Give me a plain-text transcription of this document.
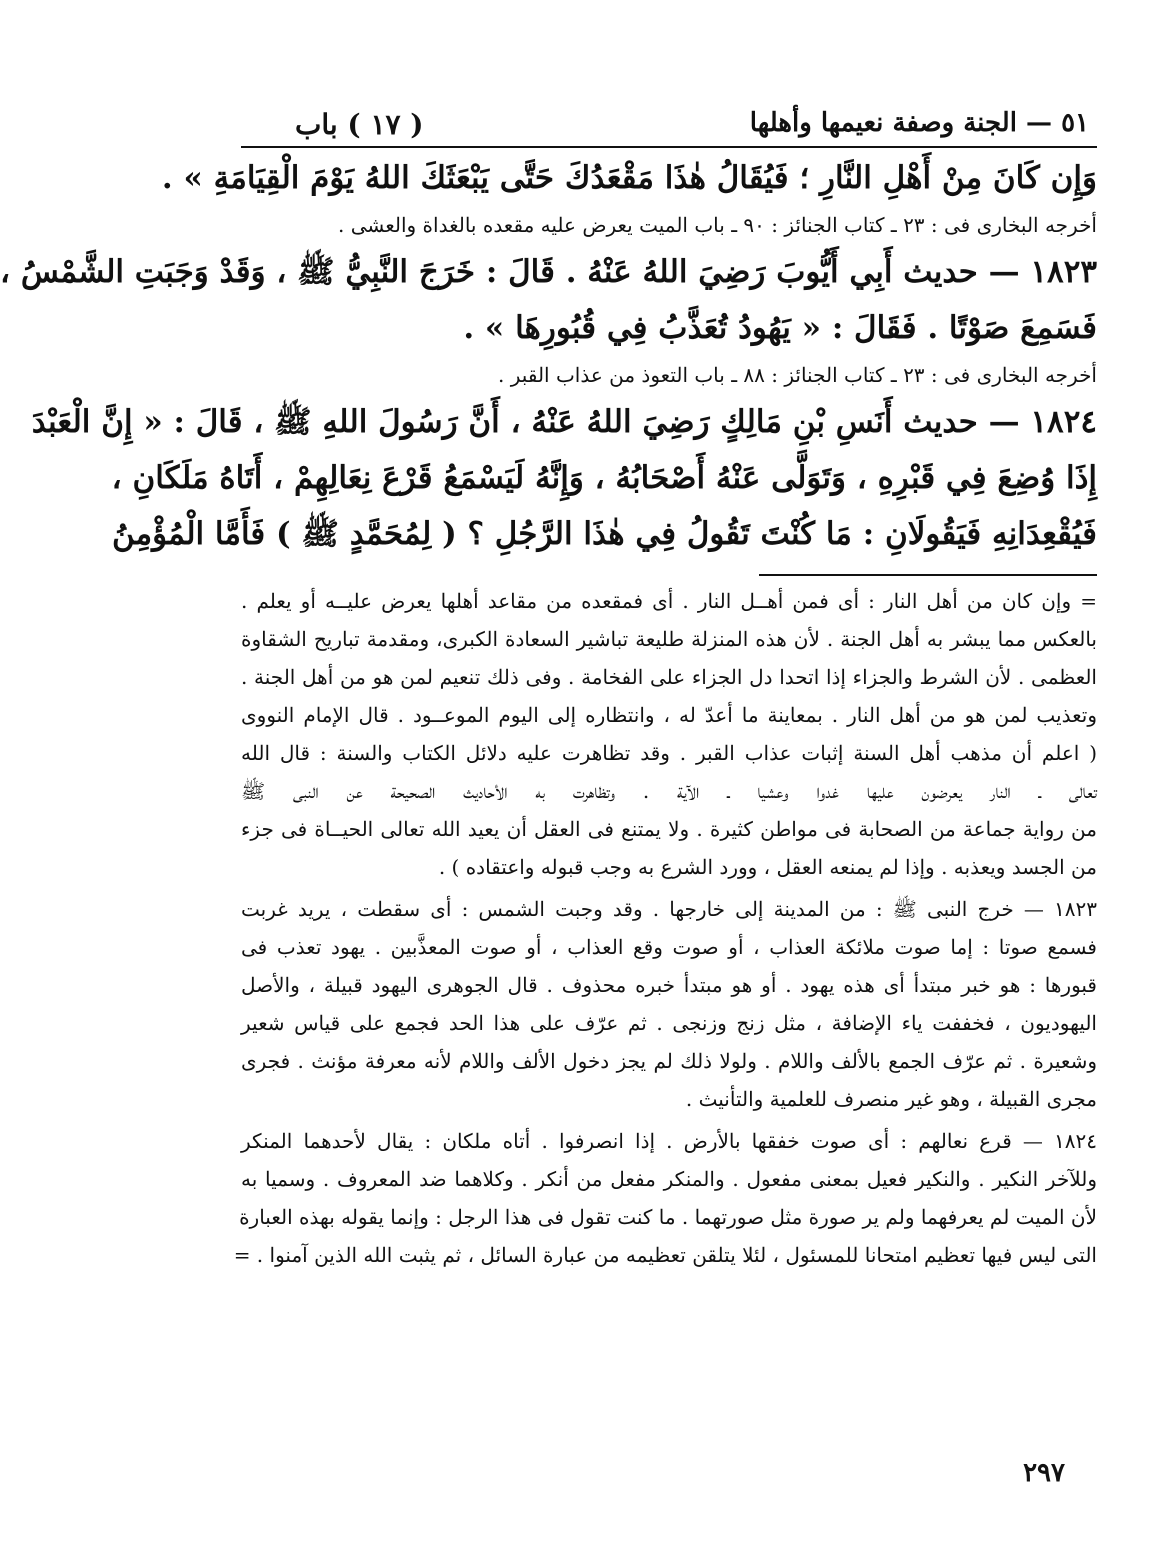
٥١ — الجنة وصفة نعيمها وأهلها
( ١٧ ) باب
وَإِن كَانَ مِنْ أَهْلِ النَّارِ ؛ فَيُقَالُ هٰذَا مَقْعَدُكَ حَتَّى يَبْعَثَكَ اللهُ يَوْمَ الْقِيَامَةِ » .
أخرجه البخارى فى : ٢٣ ـ كتاب الجنائز : ٩٠ ـ باب الميت يعرض عليه مقعده بالغداة والعشى .
١٨٢٣ — حديث أَبِي أَيُّوبَ رَضِيَ اللهُ عَنْهُ . قَالَ : خَرَجَ النَّبِيُّ ﷺ ، وَقَدْ وَجَبَتِ الشَّمْسُ ،
فَسَمِعَ صَوْتًا . فَقَالَ : « يَهُودُ تُعَذَّبُ فِي قُبُورِهَا » .
أخرجه البخارى فى : ٢٣ ـ كتاب الجنائز : ٨٨ ـ باب التعوذ من عذاب القبر .
١٨٢٤ — حديث أَنَسِ بْنِ مَالِكٍ رَضِيَ اللهُ عَنْهُ ، أَنَّ رَسُولَ اللهِ ﷺ ، قَالَ : « إِنَّ الْعَبْدَ
إِذَا وُضِعَ فِي قَبْرِهِ ، وَتَوَلَّى عَنْهُ أَصْحَابُهُ ، وَإِنَّهُ لَيَسْمَعُ قَرْعَ نِعَالِهِمْ ، أَتَاهُ مَلَكَانِ ،
فَيُقْعِدَانِهِ فَيَقُولَانِ : مَا كُنْتَ تَقُولُ فِي هٰذَا الرَّجُلِ ؟ ( لِمُحَمَّدٍ ﷺ ) فَأَمَّا الْمُؤْمِنُ
= وإن كان من أهل النار : أى فمن أهــل النار . أى فمقعده من مقاعد أهلها يعرض عليــه أو يعلم .
بالعكس مما يبشر به أهل الجنة . لأن هذه المنزلة طليعة تباشير السعادة الكبرى، ومقدمة تباريح الشقاوة
العظمى . لأن الشرط والجزاء إذا اتحدا دل الجزاء على الفخامة . وفى ذلك تنعيم لمن هو من أهل الجنة .
وتعذيب لمن هو من أهل النار . بمعاينة ما أعدّ له ، وانتظاره إلى اليوم الموعــود . قال الإمام النووى
( اعلم أن مذهب أهل السنة إثبات عذاب القبر . وقد تظاهرت عليه دلائل الكتاب والسنة : قال الله
تعالى ـ النار يعرضون عليها غدوا وعشيا ـ الآية . وتظاهرت به الأحاديث الصحيحة عن النبى ﷺ
من رواية جماعة من الصحابة فى مواطن كثيرة . ولا يمتنع فى العقل أن يعيد الله تعالى الحيــاة فى جزء
من الجسد ويعذبه . وإذا لم يمنعه العقل ، وورد الشرع به وجب قبوله واعتقاده ) .
١٨٢٣ — خرج النبى ﷺ : من المدينة إلى خارجها . وقد وجبت الشمس : أى سقطت ، يريد غربت
فسمع صوتا : إما صوت ملائكة العذاب ، أو صوت وقع العذاب ، أو صوت المعذَّبين . يهود تعذب فى
قبورها : هو خبر مبتدأ أى هذه يهود . أو هو مبتدأ خبره محذوف . قال الجوهرى اليهود قبيلة ، والأصل
اليهوديون ، فخففت ياء الإضافة ، مثل زنج وزنجى . ثم عرّف على هذا الحد فجمع على قياس شعير
وشعيرة . ثم عرّف الجمع بالألف واللام . ولولا ذلك لم يجز دخول الألف واللام لأنه معرفة مؤنث . فجرى
مجرى القبيلة ، وهو غير منصرف للعلمية والتأنيث .
١٨٢٤ — قرع نعالهم : أى صوت خفقها بالأرض . إذا انصرفوا . أتاه ملكان : يقال لأحدهما المنكر
وللآخر النكير . والنكير فعيل بمعنى مفعول . والمنكر مفعل من أنكر . وكلاهما ضد المعروف . وسميا به
لأن الميت لم يعرفهما ولم ير صورة مثل صورتهما . ما كنت تقول فى هذا الرجل : وإنما يقوله بهذه العبارة
التى ليس فيها تعظيم امتحانا للمسئول ، لئلا يتلقن تعظيمه من عبارة السائل ، ثم يثبت الله الذين آمنوا . =
٢٩٧
